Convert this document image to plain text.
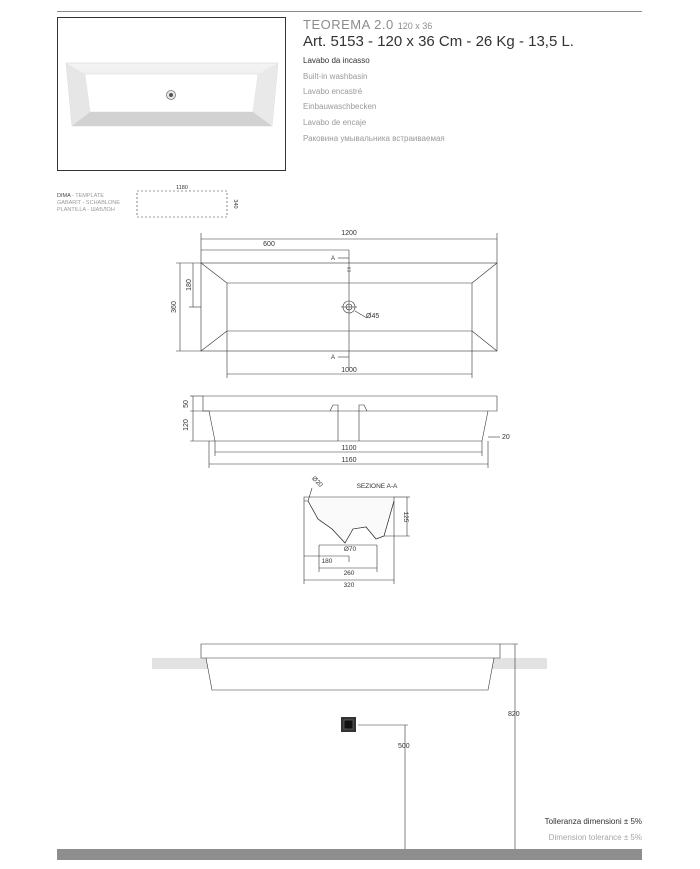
TEOREMA 2.0 120 x 36
Art. 5153 - 120 x 36 Cm - 26 Kg - 13,5 L.
Lavabo da incasso
Built-in washbasin
Lavabo encastré
Einbauwaschbecken
Lavabo de encaje
Раковина умывальника встраиваемая
DIMA - TEMPLATE
GABARIT - SCHABLONE
PLANTILLA - ШАБЛОН
1180
340
1200
600
360
180
1000
Ø45
A
A
50
120
20
1100
1160
SEZIONE A-A
Ø20
125
Ø70
180
260
320
820
500
Tolleranza dimensioni ± 5%
Dimension tolerance ± 5%
